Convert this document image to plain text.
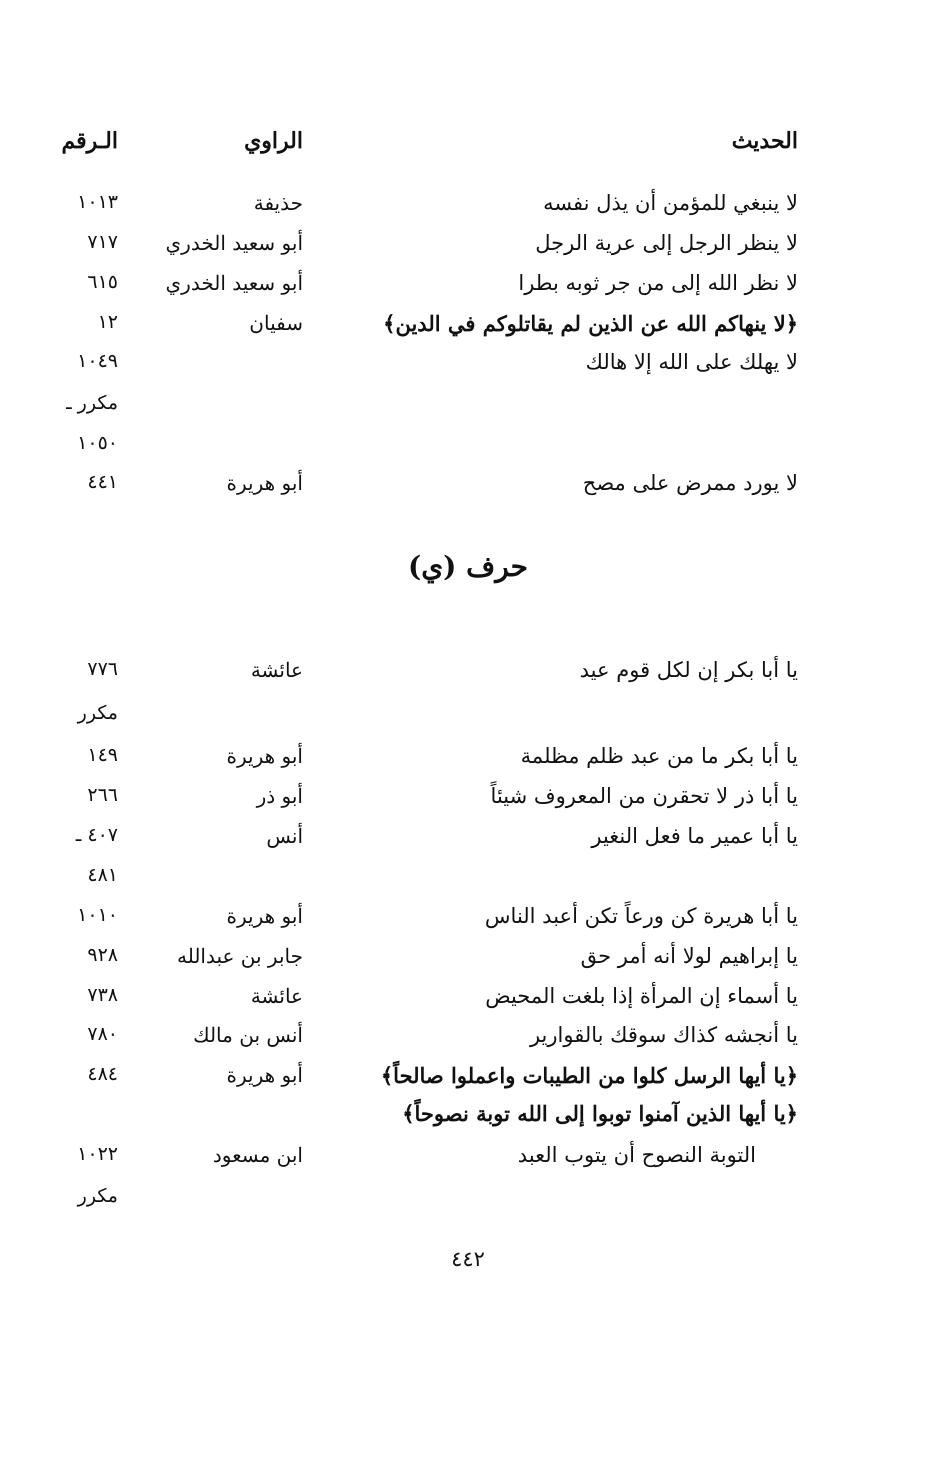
الحديث
الراوي
الـرقم
لا ينبغي للمؤمن أن يذل نفسه
حذيفة
١٠١٣
لا ينظر الرجل إلى عرية الرجل
أبو سعيد الخدري
٧١٧
لا نظر الله إلى من جر ثوبه بطرا
أبو سعيد الخدري
٦١٥
﴿لا ينهاكم الله عن الذين لم يقاتلوكم في الدين﴾
سفيان
١٢
لا يهلك على الله إلا هالك
١٠٤٩
مكرر ـ
١٠٥٠
لا يورد ممرض على مصح
أبو هريرة
٤٤١
حرف (ي)
يا أبا بكر إن لكل قوم عيد
عائشة
٧٧٦
مكرر
يا أبا بكر ما من عبد ظلم مظلمة
أبو هريرة
١٤٩
يا أبا ذر لا تحقرن من المعروف شيئاً
أبو ذر
٢٦٦
يا أبا عمير ما فعل النغير
أنس
٤٠٧ ـ
٤٨١
يا أبا هريرة كن ورعاً تكن أعبد الناس
أبو هريرة
١٠١٠
يا إبراهيم لولا أنه أمر حق
جابر بن عبدالله
٩٢٨
يا أسماء إن المرأة إذا بلغت المحيض
عائشة
٧٣٨
يا أنجشه كذاك سوقك بالقوارير
أنس بن مالك
٧٨٠
﴿يا أيها الرسل كلوا من الطيبات واعملوا صالحاً﴾
أبو هريرة
٤٨٤
﴿يا أيها الذين آمنوا توبوا إلى الله توبة نصوحاً﴾
التوبة النصوح أن يتوب العبد
ابن مسعود
١٠٢٢
مكرر
٤٤٢
